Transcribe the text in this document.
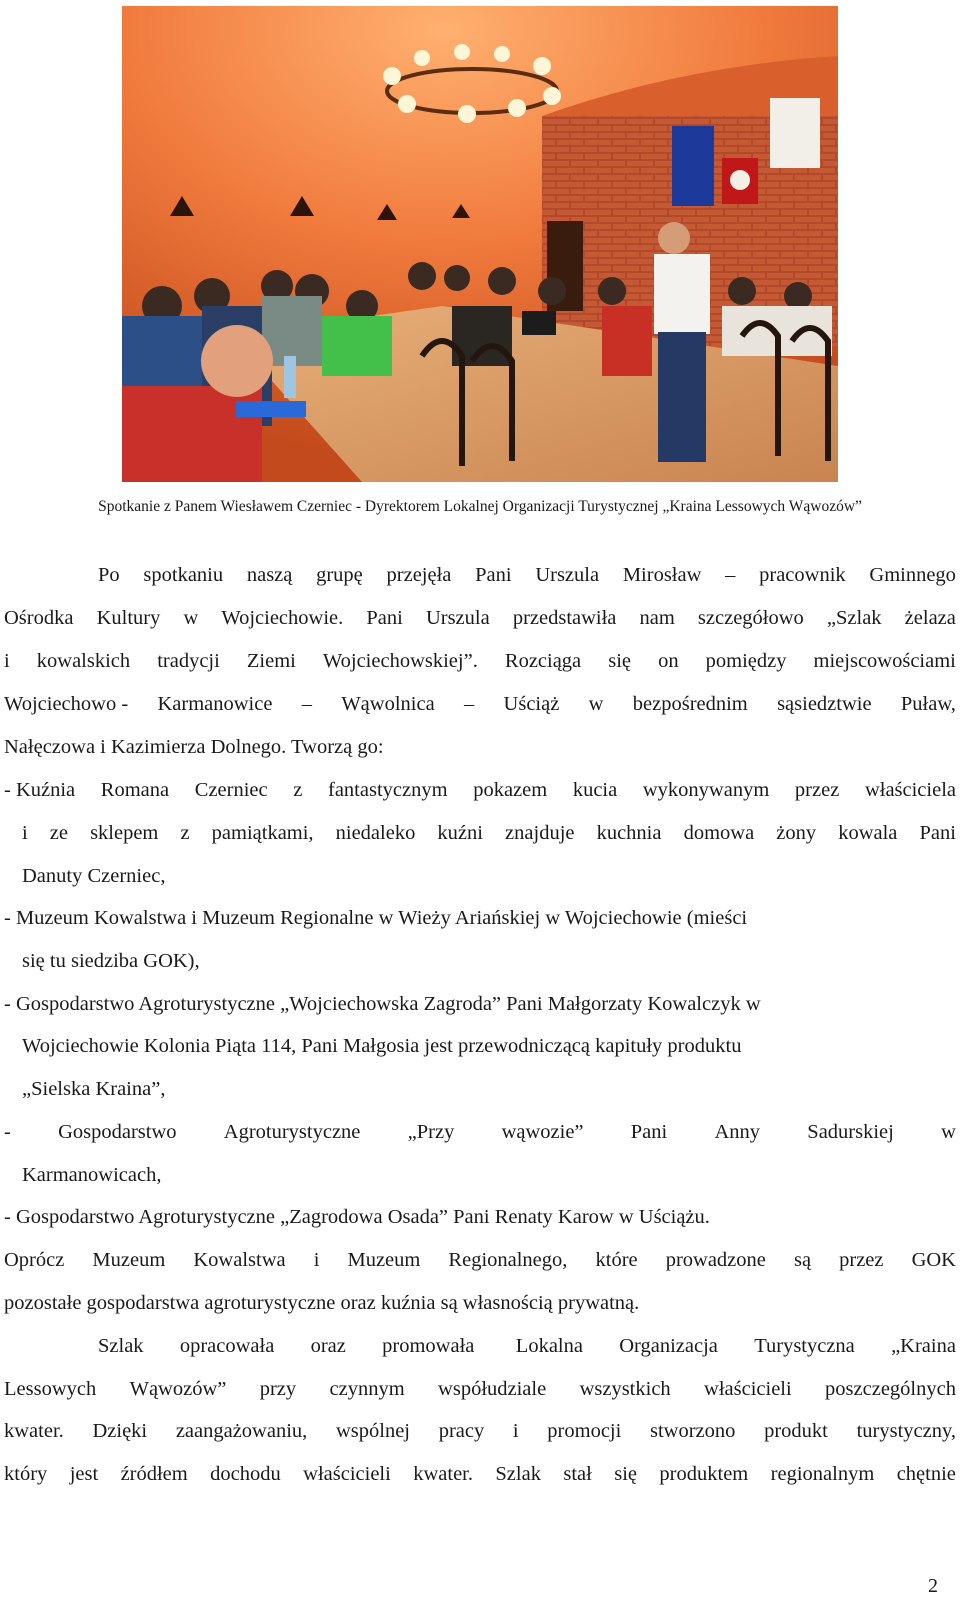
Spotkanie z Panem Wiesławem Czerniec - Dyrektorem Lokalnej Organizacji Turystycznej „Kraina Lessowych Wąwozów”
Po spotkaniu naszą grupę przejęła Pani Urszula Mirosław – pracownik Gminnego
Ośrodka Kultury w Wojciechowie. Pani Urszula przedstawiła nam szczegółowo „Szlak żelaza
i kowalskich tradycji Ziemi Wojciechowskiej”. Rozciąga się on pomiędzy miejscowościami
Wojciechowo - Karmanowice – Wąwolnica – Uściąż w bezpośrednim sąsiedztwie Puław,
Nałęczowa i Kazimierza Dolnego. Tworzą go:
- Kuźnia Romana Czerniec z fantastycznym pokazem kucia wykonywanym przez właściciela
i ze sklepem z pamiątkami, niedaleko kuźni znajduje kuchnia domowa żony kowala Pani
Danuty Czerniec,
- Muzeum Kowalstwa i Muzeum Regionalne w Wieży Ariańskiej w Wojciechowie (mieści
się tu siedziba GOK),
- Gospodarstwo Agroturystyczne „Wojciechowska Zagroda” Pani Małgorzaty Kowalczyk w
Wojciechowie Kolonia Piąta 114, Pani Małgosia jest przewodniczącą kapituły produktu
„Sielska Kraina”,
- Gospodarstwo Agroturystyczne „Przy wąwozie” Pani Anny Sadurskiej w
Karmanowicach,
- Gospodarstwo Agroturystyczne „Zagrodowa Osada” Pani Renaty Karow w Uściążu.
Oprócz Muzeum Kowalstwa i Muzeum Regionalnego, które prowadzone są przez GOK
pozostałe gospodarstwa agroturystyczne oraz kuźnia są własnością prywatną.
Szlak opracowała oraz promowała Lokalna Organizacja Turystyczna „Kraina
Lessowych Wąwozów” przy czynnym współudziale wszystkich właścicieli poszczególnych
kwater. Dzięki zaangażowaniu, wspólnej pracy i promocji stworzono produkt turystyczny,
który jest źródłem dochodu właścicieli kwater. Szlak stał się produktem regionalnym chętnie
2
